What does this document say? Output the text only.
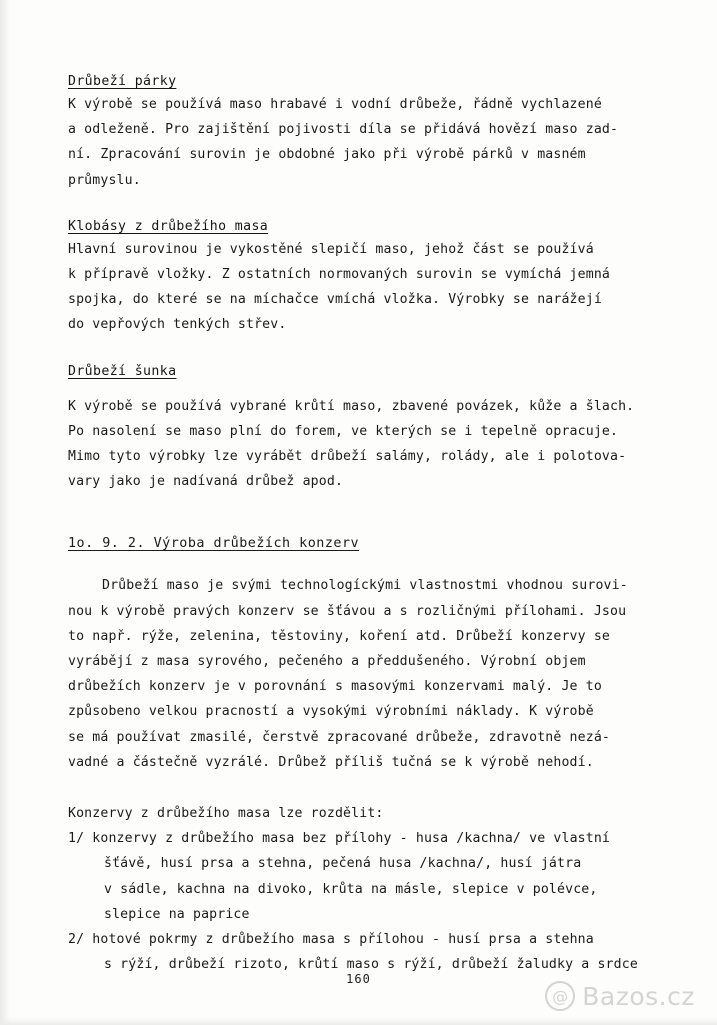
Drůbeží párky

K výrobě se používá maso hrabavé i vodní drůbeže, řádně vychlazené
a odleženě. Pro zajištění pojivosti díla se přidává hovězí maso zad-
ní. Zpracování surovin je obdobné jako při výrobě párků v masném
průmyslu.

Klobásy z drůbežího masa

Hlavní surovinou je vykostěné slepičí maso, jehož část se používá
k přípravě vložky. Z ostatních normovaných surovin se vymíchá jemná
spojka, do které se na míchačce vmíchá vložka. Výrobky se narážejí
do vepřových tenkých střev.

Drůbeží šunka

K výrobě se používá vybrané krůtí maso, zbavené povázek, kůže a šlach.
Po nasolení se maso plní do forem, ve kterých se i tepelně opracuje.
Mimo tyto výrobky lze vyrábět drůbeží salámy, rolády, ale i polotova-
vary jako je nadívaná drůbež apod.

1o. 9. 2. Výroba drůbežích konzerv

Drůbeží maso je svými technologíckými vlastnostmi vhodnou surovi-
nou k výrobě pravých konzerv se šťávou a s rozličnými přílohami. Jsou
to např. rýže, zelenina, těstoviny, koření atd. Drůbeží konzervy se
vyrábějí z masa syrového, pečeného a předdušeného. Výrobní objem
drůbežích konzerv je v porovnání s masovými konzervami malý. Je to
způsobeno velkou pracností a vysokými výrobními náklady. K výrobě
se má používat zmasilé, čerstvě zpracované drůbeže, zdravotně nezá-
vadné a částečně vyzrálé. Drůbež příliš tučná se k výrobě nehodí.

Konzervy z drůbežího masa lze rozdělit:

1/ konzervy z drůbežího masa bez přílohy - husa /kachna/ ve vlastní
šťávě, husí prsa a stehna, pečená husa /kachna/, husí játra
v sádle, kachna na divoko, krůta na másle, slepice v polévce,
slepice na paprice
2/ hotové pokrmy z drůbežího masa s přílohou - husí prsa a stehna
s rýží, drůbeží rizoto, krůtí maso s rýží, drůbeží žaludky a srdce
160
@ Bazos.cz
